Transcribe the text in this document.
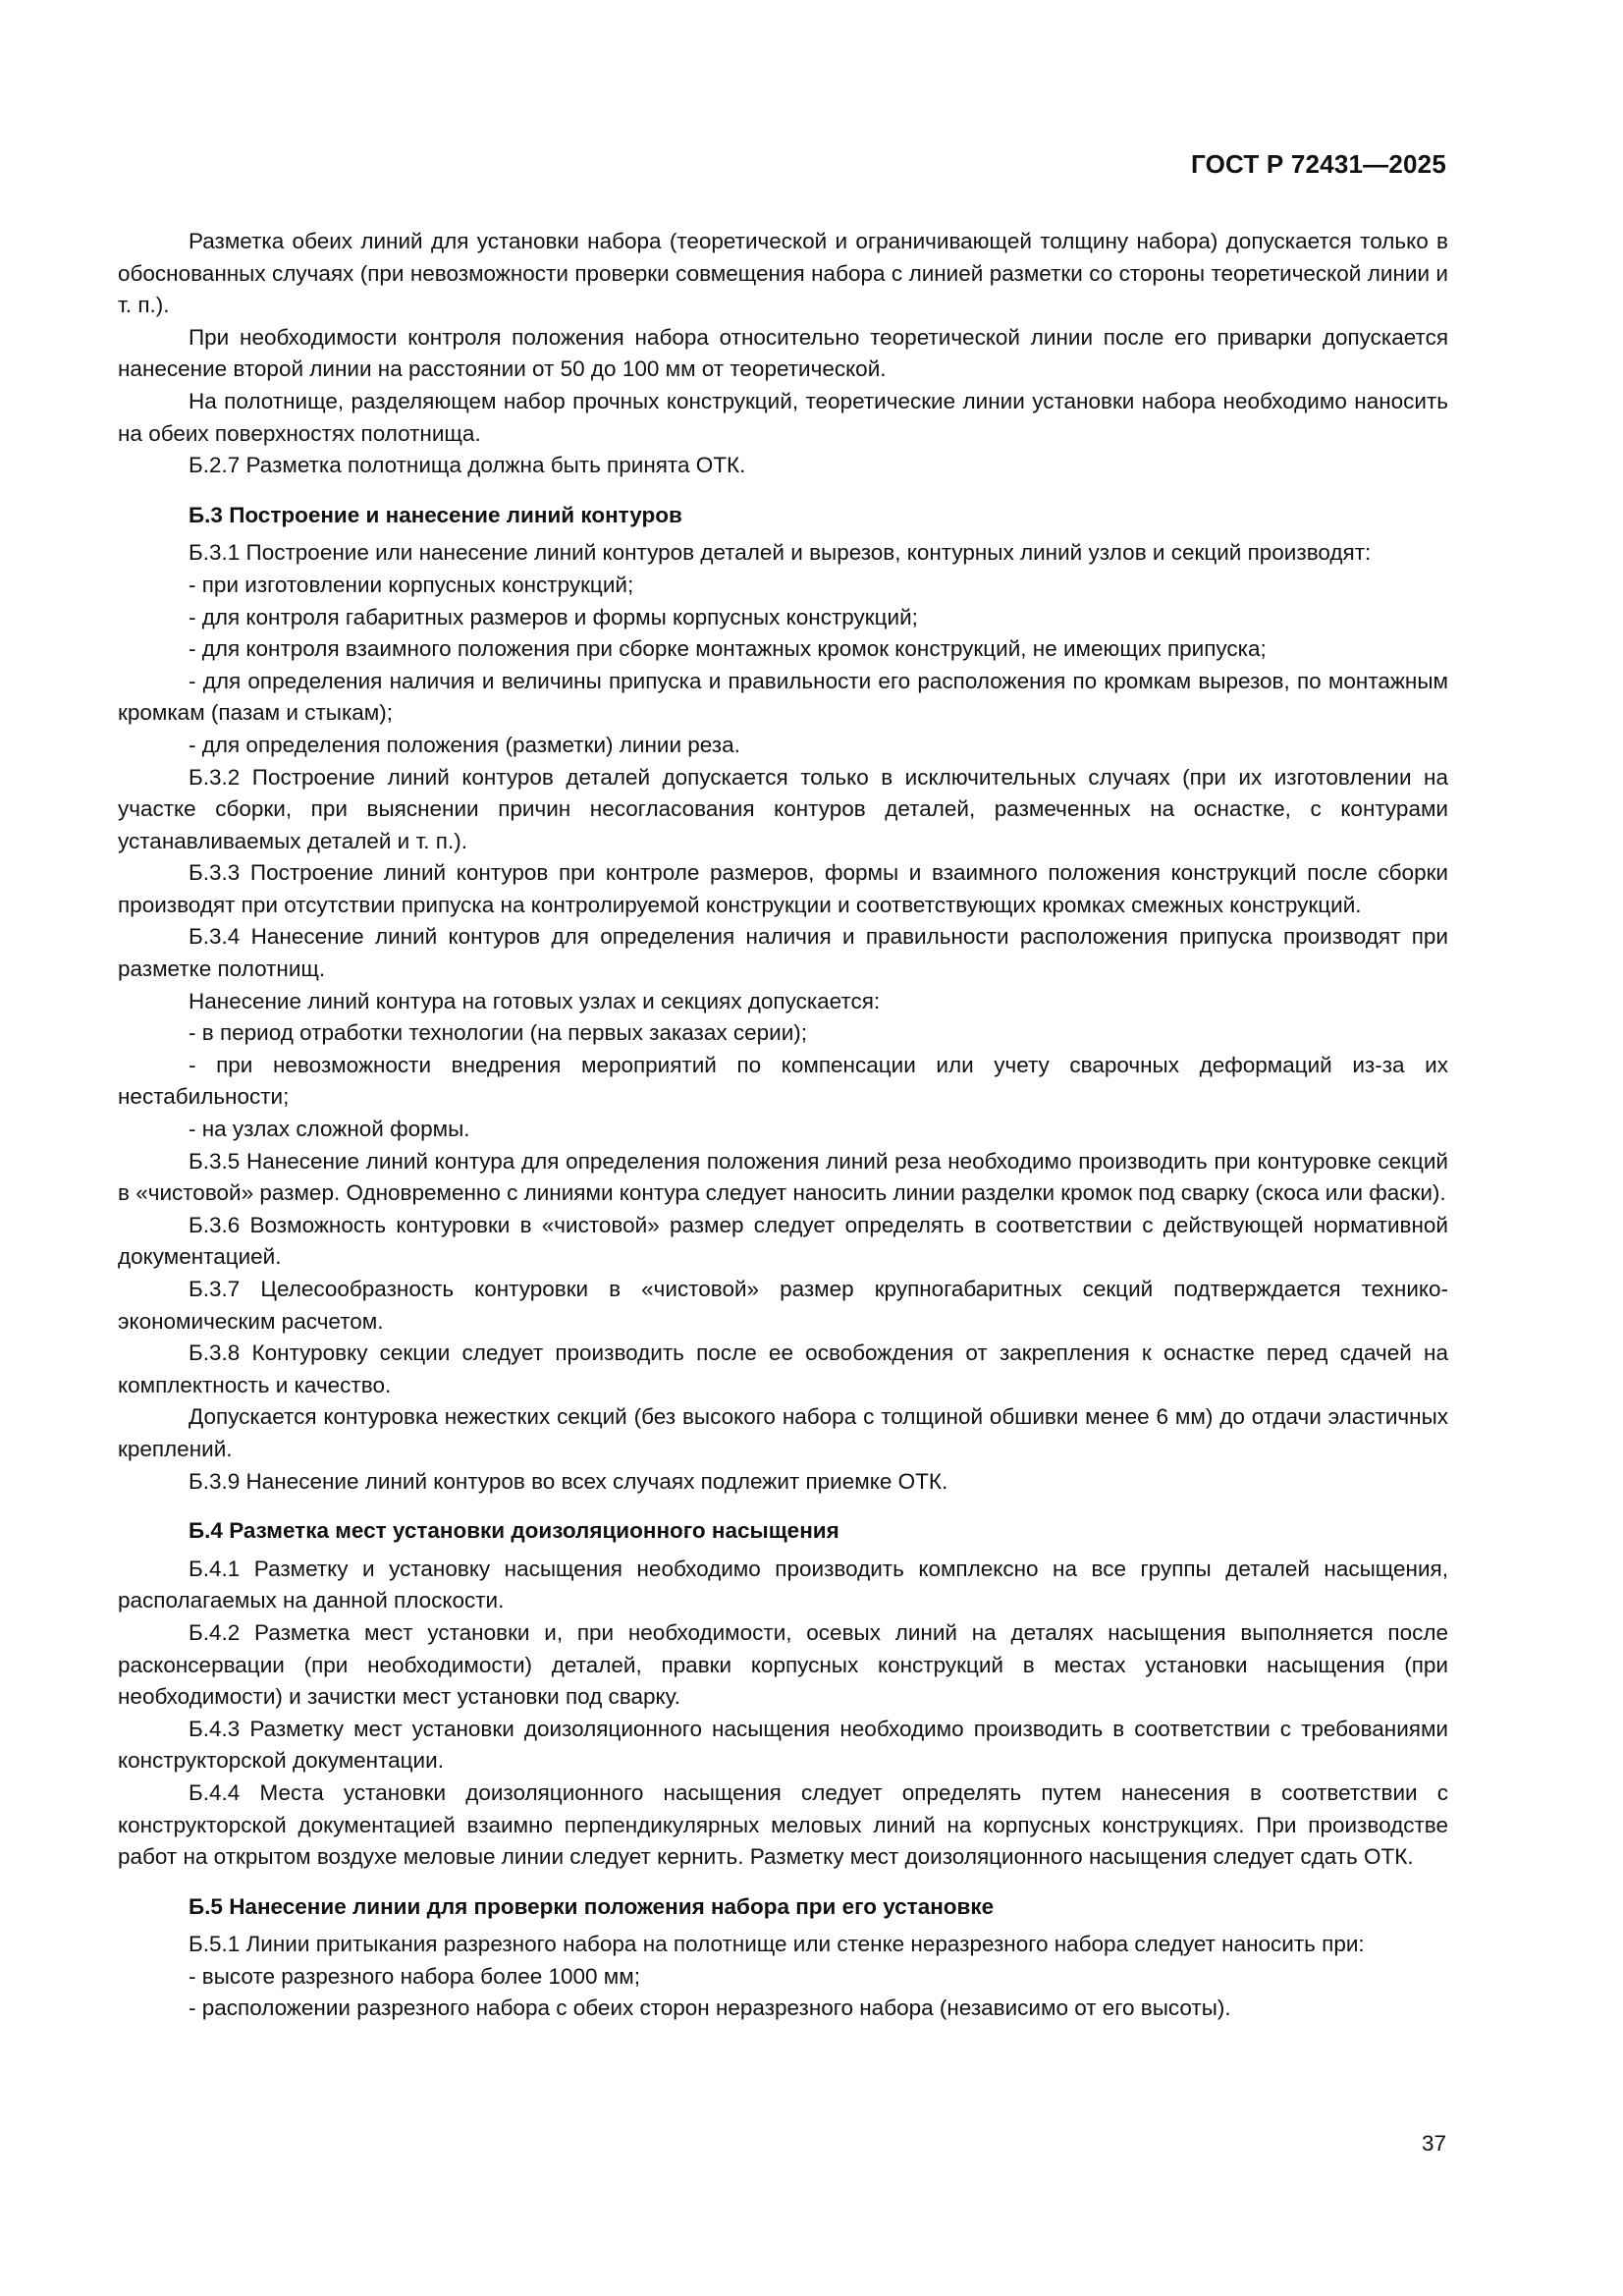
ГОСТ Р 72431—2025

Разметка обеих линий для установки набора (теоретической и ограничивающей толщину набора) допускается только в обоснованных случаях (при невозможности проверки совмещения набора с линией разметки со стороны теоретической линии и т. п.).

При необходимости контроля положения набора относительно теоретической линии после его приварки допускается нанесение второй линии на расстоянии от 50 до 100 мм от теоретической.

На полотнище, разделяющем набор прочных конструкций, теоретические линии установки набора необходимо наносить на обеих поверхностях полотнища.

Б.2.7 Разметка полотнища должна быть принята ОТК.

Б.3 Построение и нанесение линий контуров

Б.3.1 Построение или нанесение линий контуров деталей и вырезов, контурных линий узлов и секций производят:

- при изготовлении корпусных конструкций;

- для контроля габаритных размеров и формы корпусных конструкций;

- для контроля взаимного положения при сборке монтажных кромок конструкций, не имеющих припуска;

- для определения наличия и величины припуска и правильности его расположения по кромкам вырезов, по монтажным кромкам (пазам и стыкам);

- для определения положения (разметки) линии реза.

Б.3.2 Построение линий контуров деталей допускается только в исключительных случаях (при их изготовлении на участке сборки, при выяснении причин несогласования контуров деталей, размеченных на оснастке, с контурами устанавливаемых деталей и т. п.).

Б.3.3 Построение линий контуров при контроле размеров, формы и взаимного положения конструкций после сборки производят при отсутствии припуска на контролируемой конструкции и соответствующих кромках смежных конструкций.

Б.3.4 Нанесение линий контуров для определения наличия и правильности расположения припуска производят при разметке полотнищ.

Нанесение линий контура на готовых узлах и секциях допускается:

- в период отработки технологии (на первых заказах серии);

- при невозможности внедрения мероприятий по компенсации или учету сварочных деформаций из-за их нестабильности;

- на узлах сложной формы.

Б.3.5 Нанесение линий контура для определения положения линий реза необходимо производить при контуровке секций в «чистовой» размер. Одновременно с линиями контура следует наносить линии разделки кромок под сварку (скоса или фаски).

Б.3.6 Возможность контуровки в «чистовой» размер следует определять в соответствии с действующей нормативной документацией.

Б.3.7 Целесообразность контуровки в «чистовой» размер крупногабаритных секций подтверждается технико-экономическим расчетом.

Б.3.8 Контуровку секции следует производить после ее освобождения от закрепления к оснастке перед сдачей на комплектность и качество.

Допускается контуровка нежестких секций (без высокого набора с толщиной обшивки менее 6 мм) до отдачи эластичных креплений.

Б.3.9 Нанесение линий контуров во всех случаях подлежит приемке ОТК.

Б.4 Разметка мест установки доизоляционного насыщения

Б.4.1 Разметку и установку насыщения необходимо производить комплексно на все группы деталей насыщения, располагаемых на данной плоскости.

Б.4.2 Разметка мест установки и, при необходимости, осевых линий на деталях насыщения выполняется после расконсервации (при необходимости) деталей, правки корпусных конструкций в местах установки насыщения (при необходимости) и зачистки мест установки под сварку.

Б.4.3 Разметку мест установки доизоляционного насыщения необходимо производить в соответствии с требованиями конструкторской документации.

Б.4.4 Места установки доизоляционного насыщения следует определять путем нанесения в соответствии с конструкторской документацией взаимно перпендикулярных меловых линий на корпусных конструкциях. При производстве работ на открытом воздухе меловые линии следует кернить. Разметку мест доизоляционного насыщения следует сдать ОТК.

Б.5 Нанесение линии для проверки положения набора при его установке

Б.5.1 Линии притыкания разрезного набора на полотнище или стенке неразрезного набора следует наносить при:

- высоте разрезного набора более 1000 мм;

- расположении разрезного набора с обеих сторон неразрезного набора (независимо от его высоты).

37
